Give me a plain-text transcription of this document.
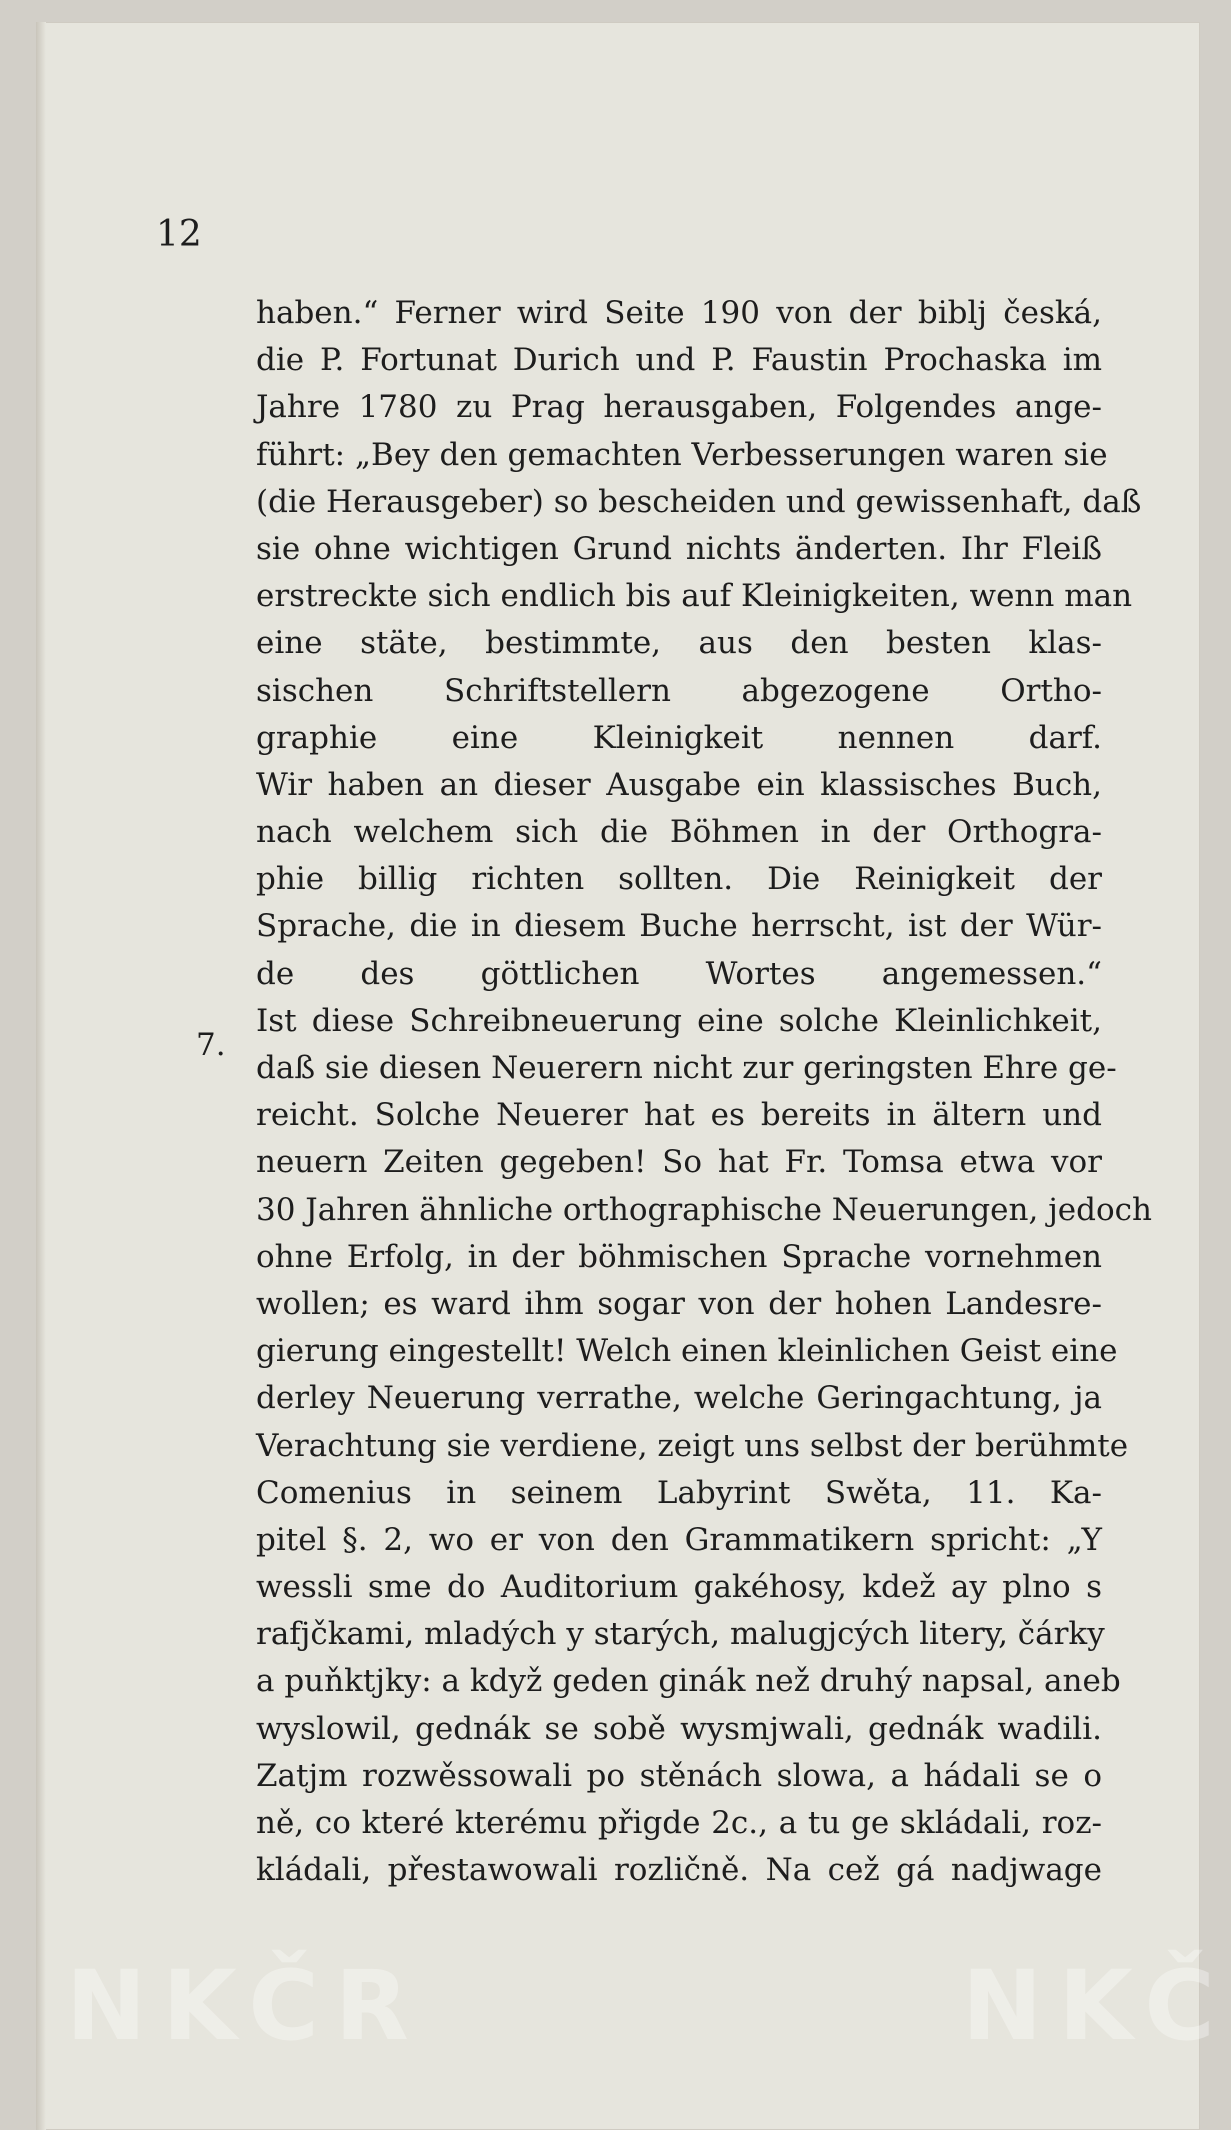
12
7.
haben.“ Ferner wird Seite 190 von der biblj česká,
die P. Fortunat Durich und P. Faustin Prochaska im
Jahre 1780 zu Prag herausgaben, Folgendes ange-
führt: „Bey den gemachten Verbesserungen waren sie
(die Herausgeber) so bescheiden und gewissenhaft, daß
sie ohne wichtigen Grund nichts änderten. Ihr Fleiß
erstreckte sich endlich bis auf Kleinigkeiten, wenn man
eine stäte, bestimmte, aus den besten klas-
sischen Schriftstellern abgezogene Ortho-
graphie eine Kleinigkeit nennen darf.
Wir haben an dieser Ausgabe ein klassisches Buch,
nach welchem sich die Böhmen in der Orthogra-
phie billig richten sollten. Die Reinigkeit der
Sprache, die in diesem Buche herrscht, ist der Wür-
de des göttlichen Wortes angemessen.“
Ist diese Schreibneuerung eine solche Kleinlichkeit,
daß sie diesen Neuerern nicht zur geringsten Ehre ge-
reicht. Solche Neuerer hat es bereits in ältern und
neuern Zeiten gegeben! So hat Fr. Tomsa etwa vor
30 Jahren ähnliche orthographische Neuerungen, jedoch
ohne Erfolg, in der böhmischen Sprache vornehmen
wollen; es ward ihm sogar von der hohen Landesre-
gierung eingestellt! Welch einen kleinlichen Geist eine
derley Neuerung verrathe, welche Geringachtung, ja
Verachtung sie verdiene, zeigt uns selbst der berühmte
Comenius in seinem Labyrint Swěta, 11. Ka-
pitel §. 2, wo er von den Grammatikern spricht: „Y
wessli sme do Auditorium gakéhosy, kdež ay plno s
rafjčkami, mladých y starých, malugjcých litery, čárky
a puňktjky: a když geden ginák než druhý napsal, aneb
wyslowil, gednák se sobě wysmjwali, gednák wadili.
Zatjm rozwěssowali po stěnách slowa, a hádali se o
ně, co které kterému přigde 2c., a tu ge skládali, roz-
kládali, přestawowali rozličně. Na cež gá nadjwage
NKČR	NKČ
